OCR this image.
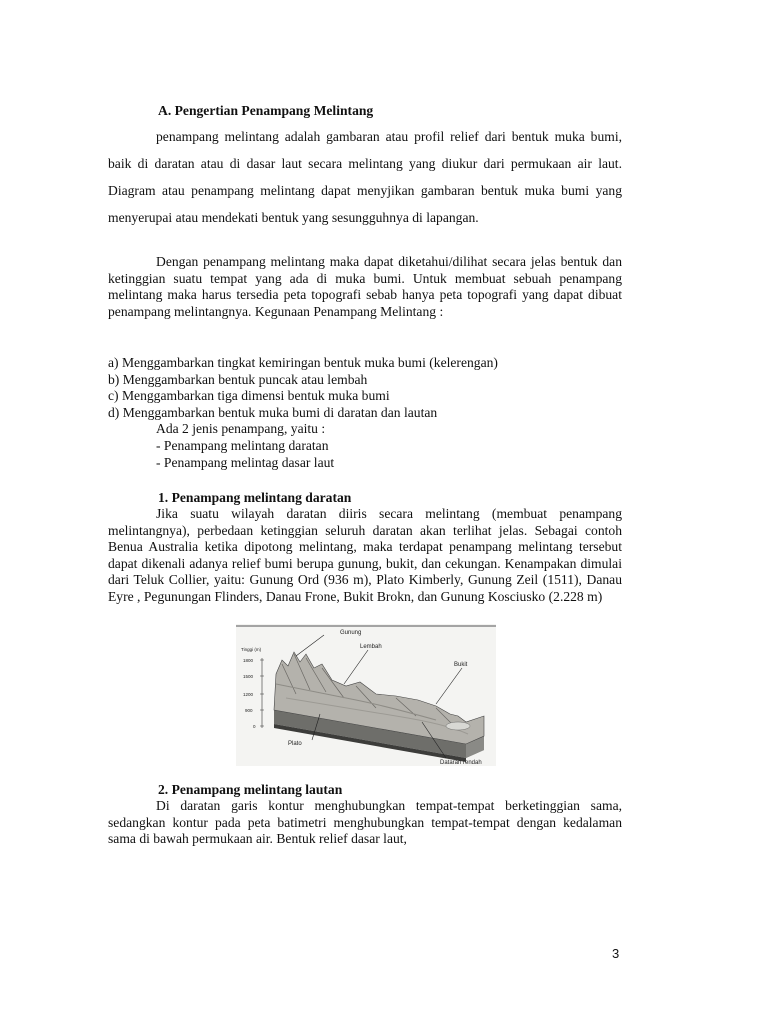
A. Pengertian Penampang Melintang

penampang melintang adalah gambaran atau profil relief dari bentuk muka bumi, baik di daratan atau di dasar laut secara melintang yang diukur dari permukaan air laut. Diagram atau penampang melintang dapat menyjikan gambaran bentuk muka bumi yang menyerupai atau mendekati bentuk yang sesungguhnya di lapangan.

Dengan penampang melintang maka dapat diketahui/dilihat secara jelas bentuk dan ketinggian suatu tempat yang ada di muka bumi. Untuk membuat sebuah penampang melintang maka harus tersedia peta topografi sebab hanya peta topografi yang dapat dibuat penampang melintangnya. Kegunaan Penampang Melintang :

a) Menggambarkan tingkat kemiringan bentuk muka bumi (kelerengan)
b) Menggambarkan bentuk puncak atau lembah
c) Menggambarkan tiga dimensi bentuk muka bumi
d) Menggambarkan bentuk muka bumi di daratan dan lautan
Ada 2 jenis penampang, yaitu :
- Penampang melintang daratan
- Penampang melintag dasar laut
1. Penampang melintang daratan

Jika suatu wilayah daratan diiris secara melintang (membuat penampang melintangnya), perbedaan ketinggian seluruh daratan akan terlihat jelas. Sebagai contoh Benua Australia ketika dipotong melintang, maka terdapat penampang melintang tersebut dapat dikenali adanya relief bumi berupa gunung, bukit, dan cekungan. Kenampakan dimulai dari Teluk Collier, yaitu: Gunung Ord (936 m), Plato Kimberly, Gunung Zeil (1511), Danau Eyre , Pegunungan Flinders, Danau Frone, Bukit Brokn, dan Gunung Kosciusko (2.228 m)

Tinggi (m)
1800
1500
1200
900
0
Gunung
Lembah
Bukit
Plato
Dataran rendah
2. Penampang melintang lautan

Di daratan garis kontur menghubungkan tempat-tempat berketinggian sama, sedangkan kontur pada peta batimetri menghubungkan tempat-tempat dengan kedalaman sama di bawah permukaan air. Bentuk relief dasar laut,

3
